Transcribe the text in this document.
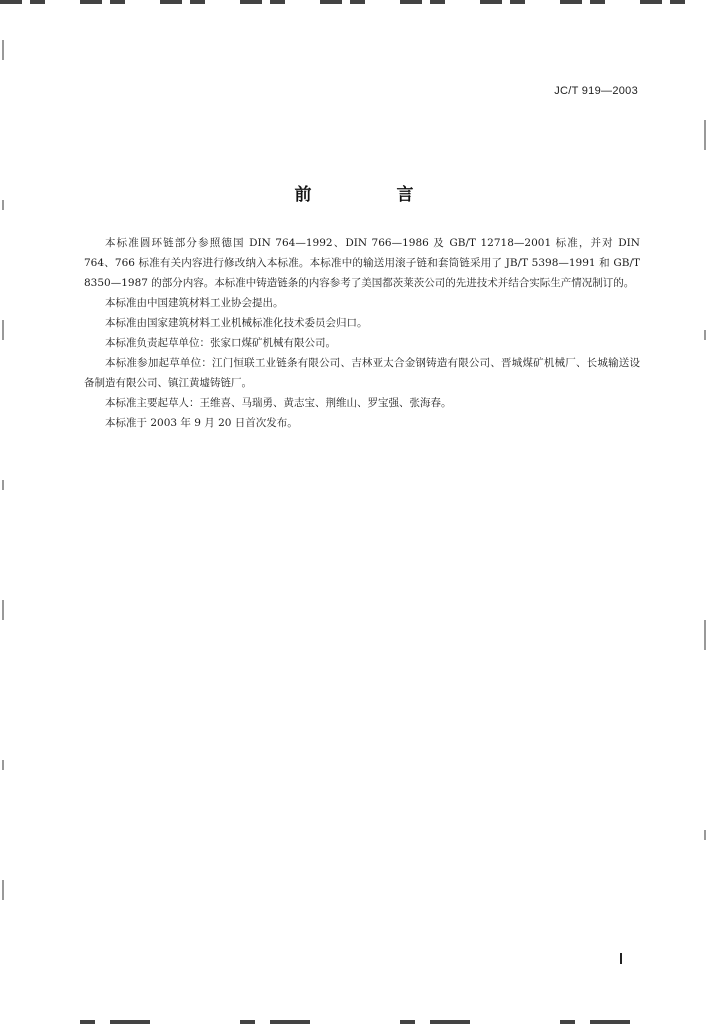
JC/T 919—2003
前　言

本标准圆环链部分参照德国 DIN 764—1992、DIN 766—1986 及 GB/T 12718—2001 标准，并对 DIN 764、766 标准有关内容进行修改纳入本标准。本标准中的输送用滚子链和套筒链采用了 JB/T 5398—1991 和 GB/T 8350—1987 的部分内容。本标准中铸造链条的内容参考了美国都茨莱茨公司的先进技术并结合实际生产情况制订的。

本标准由中国建筑材料工业协会提出。

本标准由国家建筑材料工业机械标准化技术委员会归口。

本标准负责起草单位：张家口煤矿机械有限公司。

本标准参加起草单位：江门恒联工业链条有限公司、吉林亚太合金钢铸造有限公司、晋城煤矿机械厂、长城输送设备制造有限公司、镇江黄墟铸链厂。

本标准主要起草人：王维喜、马瑞勇、黄志宝、荆维山、罗宝强、张海春。

本标准于 2003 年 9 月 20 日首次发布。
